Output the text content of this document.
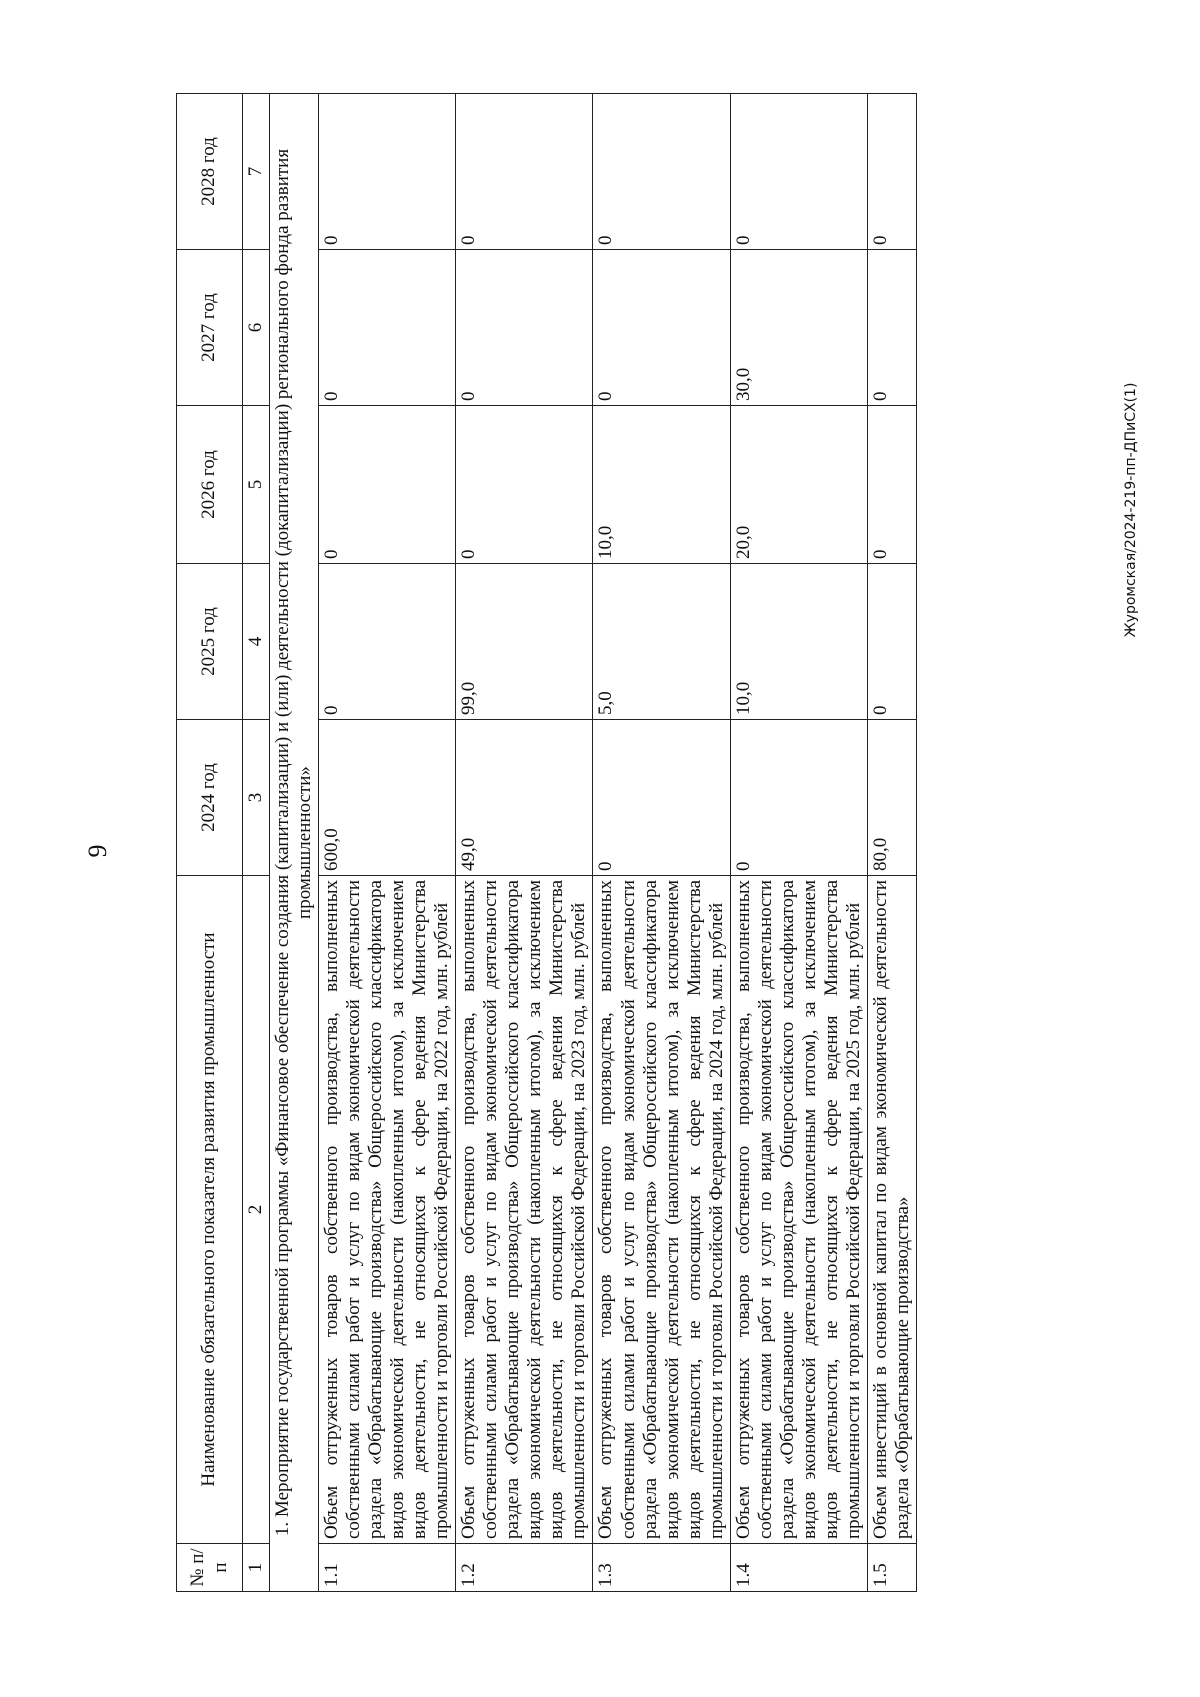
9
Журомская/2024-219-пп-ДПиСХ(1)
№ п/п	Наименование обязательного показателя развития промышленности	2024 год	2025 год	2026 год	2027 год	2028 год
1	2	3	4	5	6	7
1. Мероприятие государственной программы «Финансовое обеспечение создания (капитализации) и (или) деятельности (докапитализации) регионального фонда развития промышленности»						
1.1	Объем отгруженных товаров собственного производства, выполненных собственными силами работ и услуг по видам экономической деятельности раздела «Обрабатывающие производства» Общероссийского классификатора видов экономической деятельности (накопленным итогом), за исключением видов деятельности, не относящихся к сфере ведения Министерства промышленности и торговли Российской Федерации, на 2022 год, млн. рублей	600,0	0	0	0	0
1.2	Объем отгруженных товаров собственного производства, выполненных собственными силами работ и услуг по видам экономической деятельности раздела «Обрабатывающие производства» Общероссийского классификатора видов экономической деятельности (накопленным итогом), за исключением видов деятельности, не относящихся к сфере ведения Министерства промышленности и торговли Российской Федерации, на 2023 год, млн. рублей	49,0	99,0	0	0	0
1.3	Объем отгруженных товаров собственного производства, выполненных собственными силами работ и услуг по видам экономической деятельности раздела «Обрабатывающие производства» Общероссийского классификатора видов экономической деятельности (накопленным итогом), за исключением видов деятельности, не относящихся к сфере ведения Министерства промышленности и торговли Российской Федерации, на 2024 год, млн. рублей	0	5,0	10,0	0	0
1.4	Объем отгруженных товаров собственного производства, выполненных собственными силами работ и услуг по видам экономической деятельности раздела «Обрабатывающие производства» Общероссийского классификатора видов экономической деятельности (накопленным итогом), за исключением видов деятельности, не относящихся к сфере ведения Министерства промышленности и торговли Российской Федерации, на 2025 год, млн. рублей	0	10,0	20,0	30,0	0
1.5	Объем инвестиций в основной капитал по видам экономической деятельности раздела «Обрабатывающие производства»	80,0	0	0	0	0
